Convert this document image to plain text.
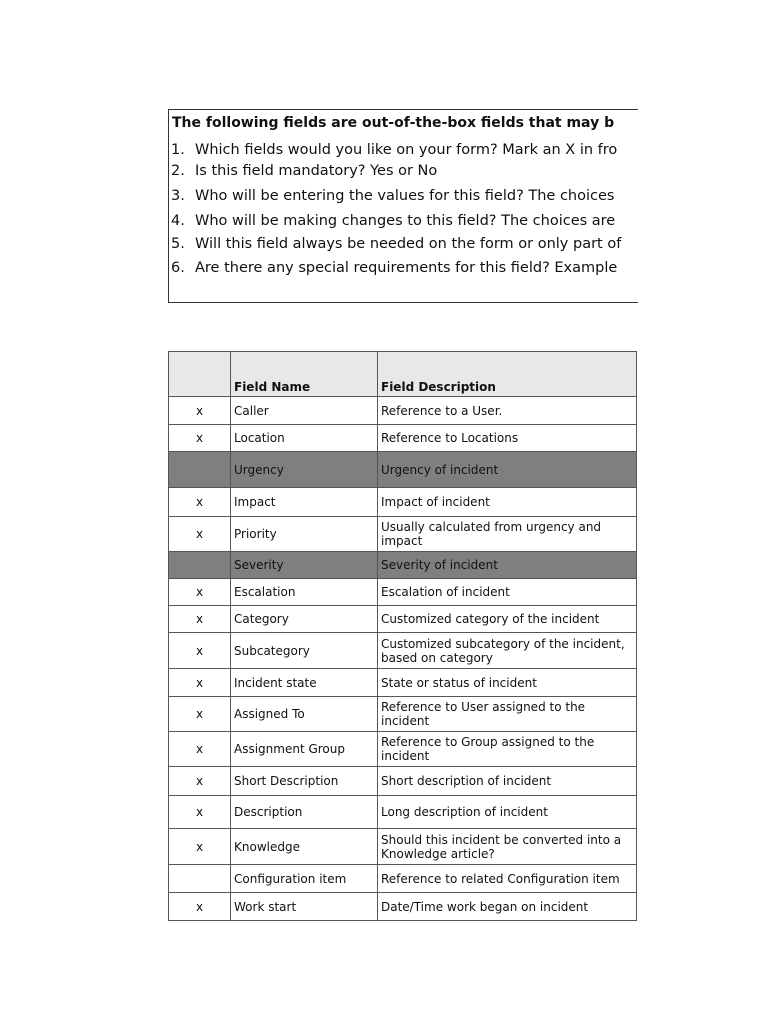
The following fields are out-of-the-box fields that may b
1. Which fields would you like on your form? Mark an X in fro
2. Is this field mandatory? Yes or No
3. Who will be entering the values for this field? The choices
4. Who will be making changes to this field? The choices are
5. Will this field always be needed on the form or only part of
6. Are there any special requirements for this field? Example
	Field Name	Field Description
x	Caller	Reference to a User.
x	Location	Reference to Locations
	Urgency	Urgency of incident
x	Impact	Impact of incident
x	Priority	Usually calculated from urgency and impact
	Severity	Severity of incident
x	Escalation	Escalation of incident
x	Category	Customized category of the incident
x	Subcategory	Customized subcategory of the incident, based on category
x	Incident state	State or status of incident
x	Assigned To	Reference to User assigned to the incident
x	Assignment Group	Reference to Group assigned to the incident
x	Short Description	Short description of incident
x	Description	Long description of incident
x	Knowledge	Should this incident be converted into a Knowledge article?
	Configuration item	Reference to related Configuration item
x	Work start	Date/Time work began on incident
